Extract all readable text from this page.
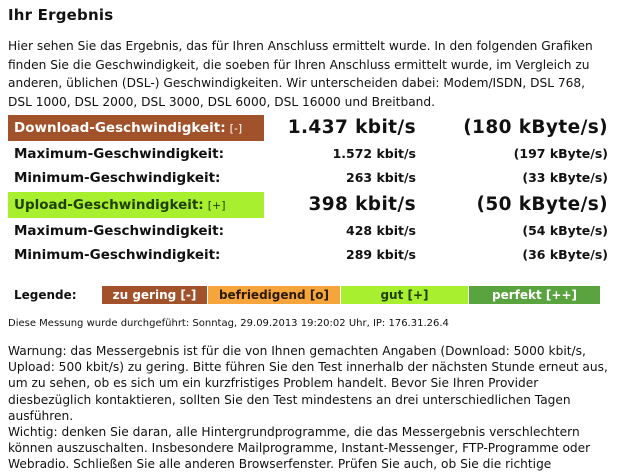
Ihr Ergebnis

Hier sehen Sie das Ergebnis, das für Ihren Anschluss ermittelt wurde. In den folgenden Grafiken finden Sie die Geschwindigkeit, die soeben für Ihren Anschluss ermittelt wurde, im Vergleich zu anderen, üblichen (DSL-) Geschwindigkeiten. Wir unterscheiden dabei: Modem/ISDN, DSL 768, DSL 1000, DSL 2000, DSL 3000, DSL 6000, DSL 16000 und Breitband.

Download-Geschwindigkeit: [-] 1.437 kbit/s	(180 kByte/s)
Maximum-Geschwindigkeit:	1.572 kbit/s	(197 kByte/s)
Minimum-Geschwindigkeit:	263 kbit/s	(33 kByte/s)
Upload-Geschwindigkeit: [+]	398 kbit/s	(50 kByte/s)
Maximum-Geschwindigkeit:	428 kbit/s	(54 kByte/s)
Minimum-Geschwindigkeit:	289 kbit/s	(36 kByte/s)
Legende:	zu gering [-]	befriedigend [o]	gut [+]	perfekt [++]
Diese Messung wurde durchgeführt: Sonntag, 29.09.2013 19:20:02 Uhr, IP: 176.31.26.4

Warnung: das Messergebnis ist für die von Ihnen gemachten Angaben (Download: 5000 kbit/s, Upload: 500 kbit/s) zu gering. Bitte führen Sie den Test innerhalb der nächsten Stunde erneut aus, um zu sehen, ob es sich um ein kurzfristiges Problem handelt. Bevor Sie Ihren Provider diesbezüglich kontaktieren, sollten Sie den Test mindestens an drei unterschiedlichen Tagen ausführen.
Wichtig: denken Sie daran, alle Hintergrundprogramme, die das Messergebnis verschlechtern können auszuschalten. Insbesondere Mailprogramme, Instant-Messenger, FTP-Programme oder Webradio. Schließen Sie alle anderen Browserfenster. Prüfen Sie auch, ob Sie die richtige
